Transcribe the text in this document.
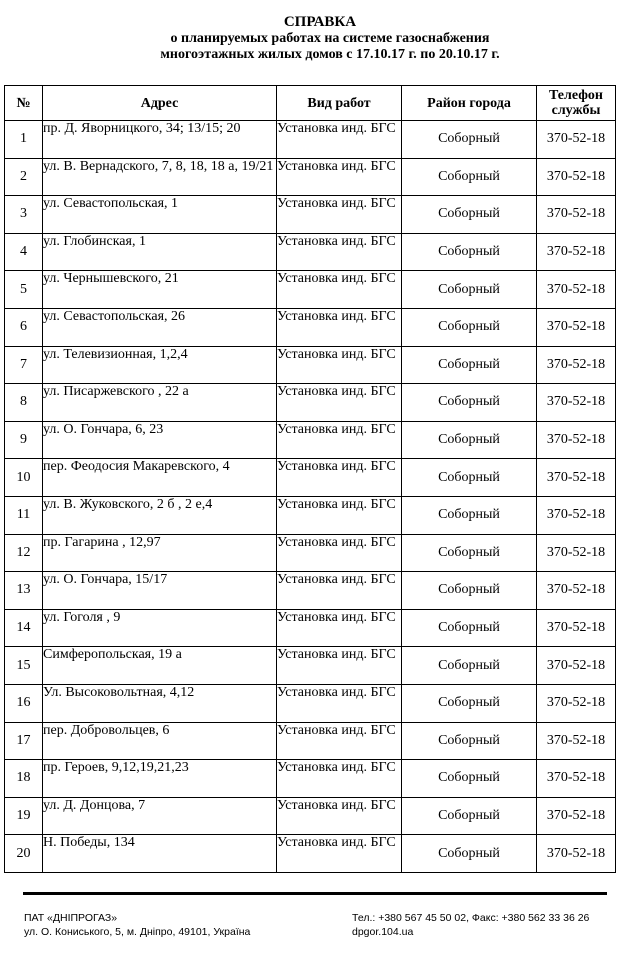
СПРАВКА
о планируемых работах на системе газоснабжения
многоэтажных жилых домов с 17.10.17 г. по 20.10.17 г.
№	Адрес	Вид работ	Район города	Телефон службы
1	пр. Д. Яворницкого, 34; 13/15; 20	Установка инд. БГС	Соборный	370-52-18
2	ул. В. Вернадского, 7, 8, 18, 18 а, 19/21	Установка инд. БГС	Соборный	370-52-18
3	ул. Севастопольская, 1	Установка инд. БГС	Соборный	370-52-18
4	ул. Глобинская, 1	Установка инд. БГС	Соборный	370-52-18
5	ул. Чернышевского, 21	Установка инд. БГС	Соборный	370-52-18
6	ул. Севастопольская, 26	Установка инд. БГС	Соборный	370-52-18
7	ул. Телевизионная, 1,2,4	Установка инд. БГС	Соборный	370-52-18
8	ул. Писаржевского , 22 а	Установка инд. БГС	Соборный	370-52-18
9	ул. О. Гончара, 6, 23	Установка инд. БГС	Соборный	370-52-18
10	пер. Феодосия Макаревского, 4	Установка инд. БГС	Соборный	370-52-18
11	ул. В. Жуковского, 2 б , 2 е,4	Установка инд. БГС	Соборный	370-52-18
12	пр. Гагарина , 12,97	Установка инд. БГС	Соборный	370-52-18
13	ул. О. Гончара, 15/17	Установка инд. БГС	Соборный	370-52-18
14	ул. Гоголя , 9	Установка инд. БГС	Соборный	370-52-18
15	Симферопольская, 19 а	Установка инд. БГС	Соборный	370-52-18
16	Ул. Высоковольтная, 4,12	Установка инд. БГС	Соборный	370-52-18
17	пер. Добровольцев, 6	Установка инд. БГС	Соборный	370-52-18
18	пр. Героев, 9,12,19,21,23	Установка инд. БГС	Соборный	370-52-18
19	ул. Д. Донцова, 7	Установка инд. БГС	Соборный	370-52-18
20	Н. Победы, 134	Установка инд. БГС	Соборный	370-52-18
ПАТ «ДНІПРОГАЗ»
ул. О. Кониського, 5, м. Дніпро, 49101, Україна
Тел.: +380 567 45 50 02, Факс: +380 562 33 36 26
dpgor.104.ua
